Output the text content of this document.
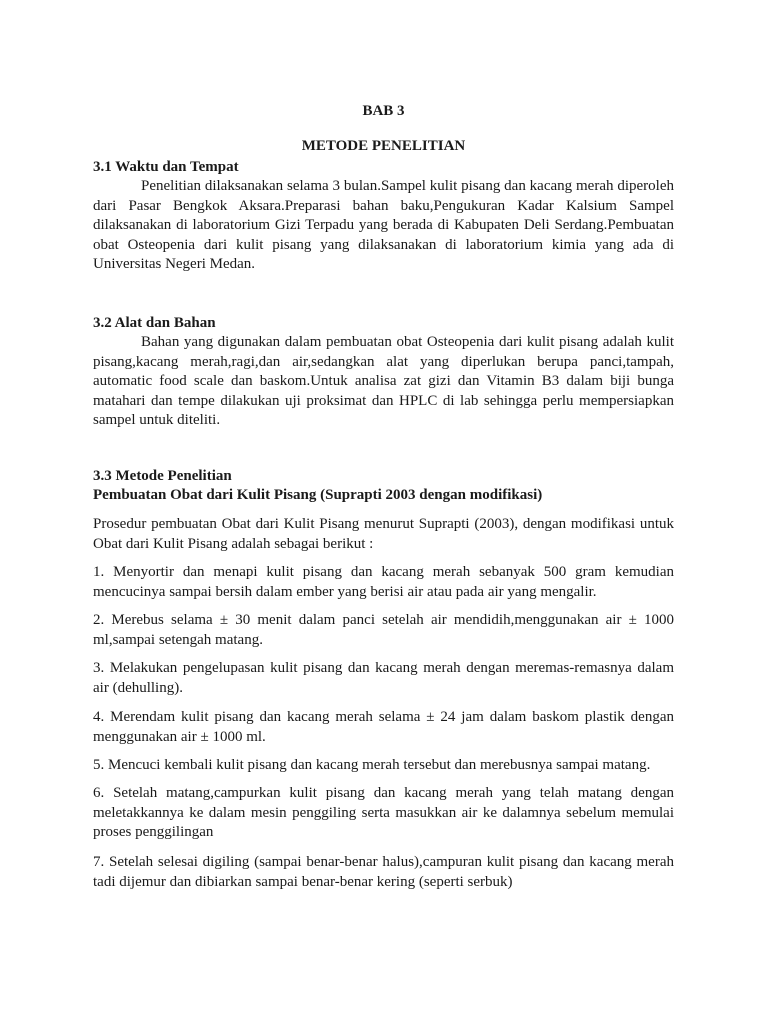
BAB 3
METODE PENELITIAN

3.1 Waktu dan Tempat

Penelitian dilaksanakan selama 3 bulan.Sampel kulit pisang dan kacang merah diperoleh dari Pasar Bengkok Aksara.Preparasi bahan baku,Pengukuran Kadar Kalsium Sampel dilaksanakan di laboratorium Gizi Terpadu yang berada di Kabupaten Deli Serdang.Pembuatan obat Osteopenia dari kulit pisang yang dilaksanakan di laboratorium kimia yang ada di Universitas Negeri Medan.

3.2 Alat dan Bahan

Bahan yang digunakan dalam pembuatan obat Osteopenia dari kulit pisang adalah kulit pisang,kacang merah,ragi,dan air,sedangkan alat yang diperlukan berupa panci,tampah, automatic food scale dan baskom.Untuk analisa zat gizi dan Vitamin B3 dalam biji bunga matahari dan tempe dilakukan uji proksimat dan HPLC di lab sehingga perlu mempersiapkan sampel untuk diteliti.

3.3 Metode Penelitian

Pembuatan Obat dari Kulit Pisang (Suprapti 2003 dengan modifikasi)

Prosedur pembuatan Obat dari Kulit Pisang menurut Suprapti (2003), dengan modifikasi untuk Obat dari Kulit Pisang adalah sebagai berikut :

1. Menyortir dan menapi kulit pisang dan kacang merah sebanyak 500 gram kemudian mencucinya sampai bersih dalam ember yang berisi air atau pada air yang mengalir.

2. Merebus selama ± 30 menit dalam panci setelah air mendidih,menggunakan air ± 1000 ml,sampai setengah matang.

3. Melakukan pengelupasan kulit pisang dan kacang merah dengan meremas-remasnya dalam air (dehulling).

4. Merendam kulit pisang dan kacang merah selama ± 24 jam dalam baskom plastik dengan menggunakan air ± 1000 ml.

5. Mencuci kembali kulit pisang dan kacang merah tersebut dan merebusnya sampai matang.

6. Setelah matang,campurkan kulit pisang dan kacang merah yang telah matang dengan meletakkannya ke dalam mesin penggiling serta masukkan air ke dalamnya sebelum memulai proses penggilingan

7. Setelah selesai digiling (sampai benar-benar halus),campuran kulit pisang dan kacang merah tadi dijemur dan dibiarkan sampai benar-benar kering (seperti serbuk)
